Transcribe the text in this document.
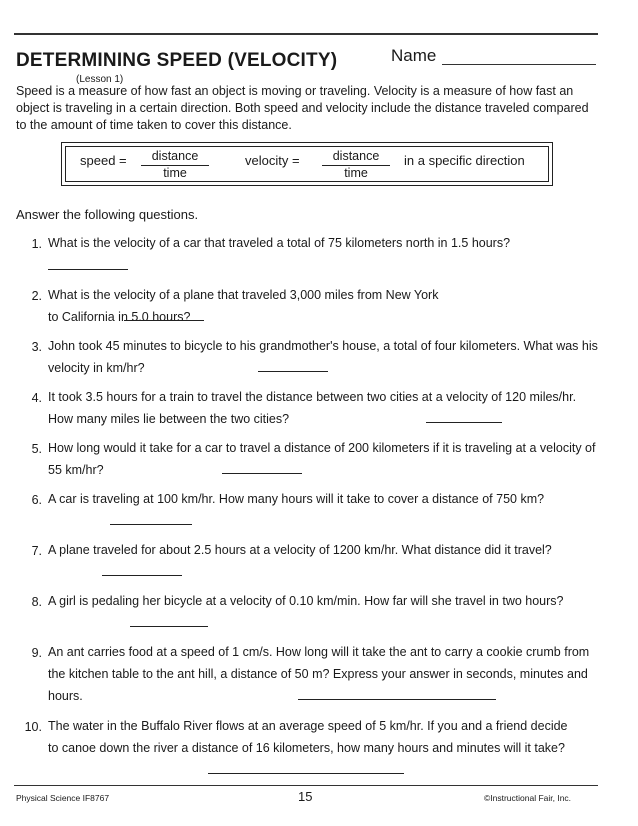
DETERMINING SPEED (VELOCITY)	Name
(Lesson 1)

Speed is a measure of how fast an object is moving or traveling. Velocity is a measure of how fast an object is traveling in a certain direction. Both speed and velocity include the distance traveled compared to the amount of time taken to cover this distance.

speed =	distance
time
velocity =	distance
time
in a specific direction
Answer the following questions.
1. What is the velocity of a car that traveled a total of 75 kilometers north in 1.5 hours?

2. What is the velocity of a plane that traveled 3,000 miles from New York to California in 5.0 hours?

3. John took 45 minutes to bicycle to his grandmother's house, a total of four kilometers. What was his velocity in km/hr?

4. It took 3.5 hours for a train to travel the distance between two cities at a velocity of 120 miles/hr. How many miles lie between the two cities?

5. How long would it take for a car to travel a distance of 200 kilometers if it is traveling at a velocity of 55 km/hr?

6. A car is traveling at 100 km/hr. How many hours will it take to cover a distance of 750 km?

7. A plane traveled for about 2.5 hours at a velocity of 1200 km/hr. What distance did it travel?

8. A girl is pedaling her bicycle at a velocity of 0.10 km/min. How far will she travel in two hours?

9. An ant carries food at a speed of 1 cm/s. How long will it take the ant to carry a cookie crumb from the kitchen table to the ant hill, a distance of 50 m? Express your answer in seconds, minutes and hours.

10. The water in the Buffalo River flows at an average speed of 5 km/hr. If you and a friend decide to canoe down the river a distance of 16 kilometers, how many hours and minutes will it take?

Physical Science IF8767	15	©Instructional Fair, Inc.
